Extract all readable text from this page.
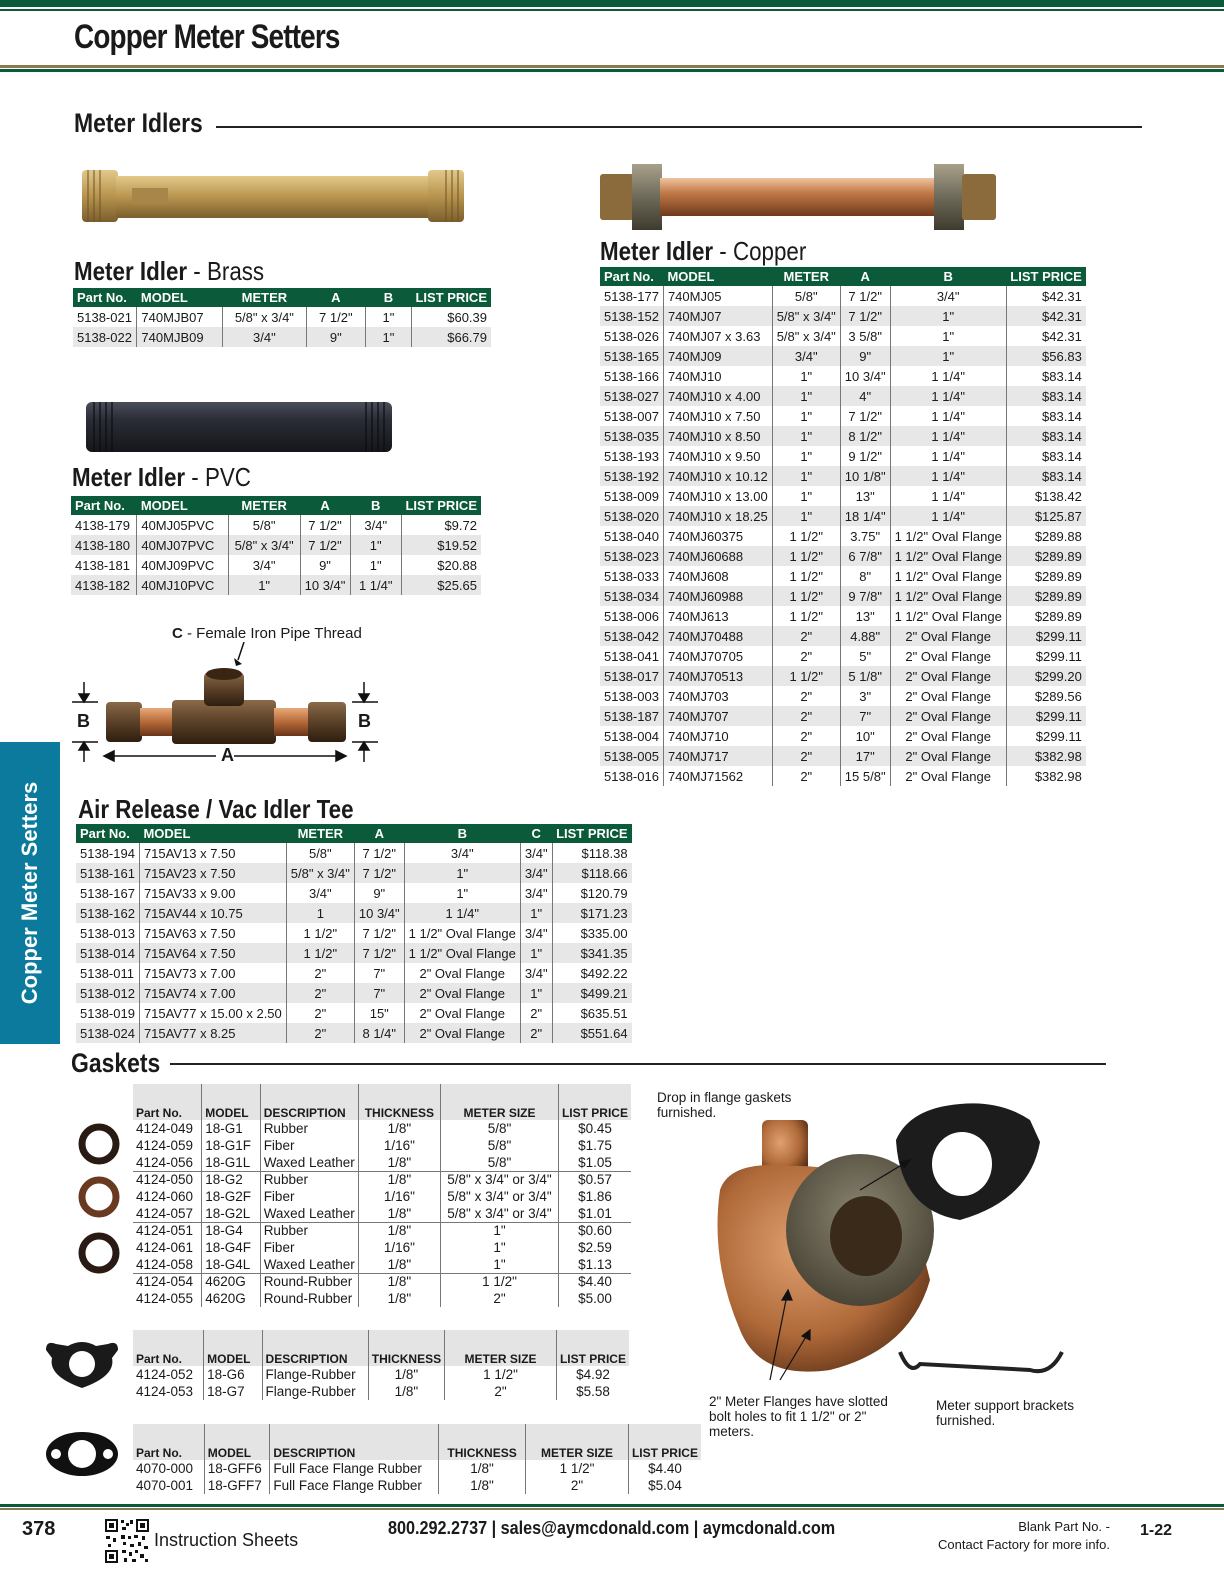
Copper Meter Setters
Meter Idlers
Meter Idler - Brass
Part No.	MODEL	METER	A	B	LIST PRICE
5138-021	740MJB07	5/8" x 3/4"	7 1/2"	1"	$60.39
5138-022	740MJB09	3/4"	9"	1"	$66.79
Meter Idler - PVC
Part No.	MODEL	METER	A	B	LIST PRICE
4138-179	40MJ05PVC	5/8"	7 1/2"	3/4"	$9.72
4138-180	40MJ07PVC	5/8" x 3/4"	7 1/2"	1"	$19.52
4138-181	40MJ09PVC	3/4"	9"	1"	$20.88
4138-182	40MJ10PVC	1"	10 3/4"	1 1/4"	$25.65
Meter Idler - Copper
Part No.	MODEL	METER	A	B	LIST PRICE
5138-177	740MJ05	5/8"	7 1/2"	3/4"	$42.31
5138-152	740MJ07	5/8" x 3/4"	7 1/2"	1"	$42.31
5138-026	740MJ07 x 3.63	5/8" x 3/4"	3 5/8"	1"	$42.31
5138-165	740MJ09	3/4"	9"	1"	$56.83
5138-166	740MJ10	1"	10 3/4"	1 1/4"	$83.14
5138-027	740MJ10 x 4.00	1"	4"	1 1/4"	$83.14
5138-007	740MJ10 x 7.50	1"	7 1/2"	1 1/4"	$83.14
5138-035	740MJ10 x 8.50	1"	8 1/2"	1 1/4"	$83.14
5138-193	740MJ10 x 9.50	1"	9 1/2"	1 1/4"	$83.14
5138-192	740MJ10 x 10.12	1"	10 1/8"	1 1/4"	$83.14
5138-009	740MJ10 x 13.00	1"	13"	1 1/4"	$138.42
5138-020	740MJ10 x 18.25	1"	18 1/4"	1 1/4"	$125.87
5138-040	740MJ60375	1 1/2"	3.75"	1 1/2" Oval Flange	$289.88
5138-023	740MJ60688	1 1/2"	6 7/8"	1 1/2" Oval Flange	$289.89
5138-033	740MJ608	1 1/2"	8"	1 1/2" Oval Flange	$289.89
5138-034	740MJ60988	1 1/2"	9 7/8"	1 1/2" Oval Flange	$289.89
5138-006	740MJ613	1 1/2"	13"	1 1/2" Oval Flange	$289.89
5138-042	740MJ70488	2"	4.88"	2" Oval Flange	$299.11
5138-041	740MJ70705	2"	5"	2" Oval Flange	$299.11
5138-017	740MJ70513	1 1/2"	5 1/8"	2" Oval Flange	$299.20
5138-003	740MJ703	2"	3"	2" Oval Flange	$289.56
5138-187	740MJ707	2"	7"	2" Oval Flange	$299.11
5138-004	740MJ710	2"	10"	2" Oval Flange	$299.11
5138-005	740MJ717	2"	17"	2" Oval Flange	$382.98
5138-016	740MJ71562	2"	15 5/8"	2" Oval Flange	$382.98
C - Female Iron Pipe Thread
B	B
A
Copper Meter Setters Air Release / Vac Idler Tee
Part No.	MODEL	METER	A	B	C	LIST PRICE
5138-194	715AV13 x 7.50	5/8"	7 1/2"	3/4"	3/4"	$118.38
5138-161	715AV23 x 7.50	5/8" x 3/4"	7 1/2"	1"	3/4"	$118.66
5138-167	715AV33 x 9.00	3/4"	9"	1"	3/4"	$120.79
5138-162	715AV44 x 10.75	1	10 3/4"	1 1/4"	1"	$171.23
5138-013	715AV63 x 7.50	1 1/2"	7 1/2"	1 1/2" Oval Flange	3/4"	$335.00
5138-014	715AV64 x 7.50	1 1/2"	7 1/2"	1 1/2" Oval Flange	1"	$341.35
5138-011	715AV73 x 7.00	2"	7"	2" Oval Flange	3/4"	$492.22
5138-012	715AV74 x 7.00	2"	7"	2" Oval Flange	1"	$499.21
5138-019	715AV77 x 15.00 x 2.50	2"	15"	2" Oval Flange	2"	$635.51
5138-024	715AV77 x 8.25	2"	8 1/4"	2" Oval Flange	2"	$551.64
Gaskets
Part No.	MODEL	DESCRIPTION	THICKNESS	METER SIZE	LIST PRICE
4124-049	18-G1	Rubber	1/8"	5/8"	$0.45
4124-059	18-G1F	Fiber	1/16"	5/8"	$1.75
4124-056	18-G1L	Waxed Leather	1/8"	5/8"	$1.05
4124-050	18-G2	Rubber	1/8"	5/8" x 3/4" or 3/4"	$0.57
4124-060	18-G2F	Fiber	1/16"	5/8" x 3/4" or 3/4"	$1.86
4124-057	18-G2L	Waxed Leather	1/8"	5/8" x 3/4" or 3/4"	$1.01
4124-051	18-G4	Rubber	1/8"	1"	$0.60
4124-061	18-G4F	Fiber	1/16"	1"	$2.59
4124-058	18-G4L	Waxed Leather	1/8"	1"	$1.13
4124-054	4620G	Round-Rubber	1/8"	1 1/2"	$4.40
4124-055	4620G	Round-Rubber	1/8"	2"	$5.00
Part No.	MODEL	DESCRIPTION	THICKNESS	METER SIZE	LIST PRICE
4124-052	18-G6	Flange-Rubber	1/8"	1 1/2"	$4.92
4124-053	18-G7	Flange-Rubber	1/8"	2"	$5.58
Part No.	MODEL	DESCRIPTION	THICKNESS	METER SIZE	LIST PRICE
4070-000	18-GFF6	Full Face Flange Rubber	1/8"	1 1/2"	$4.40
4070-001	18-GFF7	Full Face Flange Rubber	1/8"	2"	$5.04
Drop in flange gaskets furnished.
2" Meter Flanges have slotted bolt holes to fit 1 1/2" or 2" meters.
Meter support brackets furnished.
378	Instruction Sheets
800.292.2737 | sales@aymcdonald.com | aymcdonald.com	Blank Part No. -
Contact Factory for more info.
1-22
